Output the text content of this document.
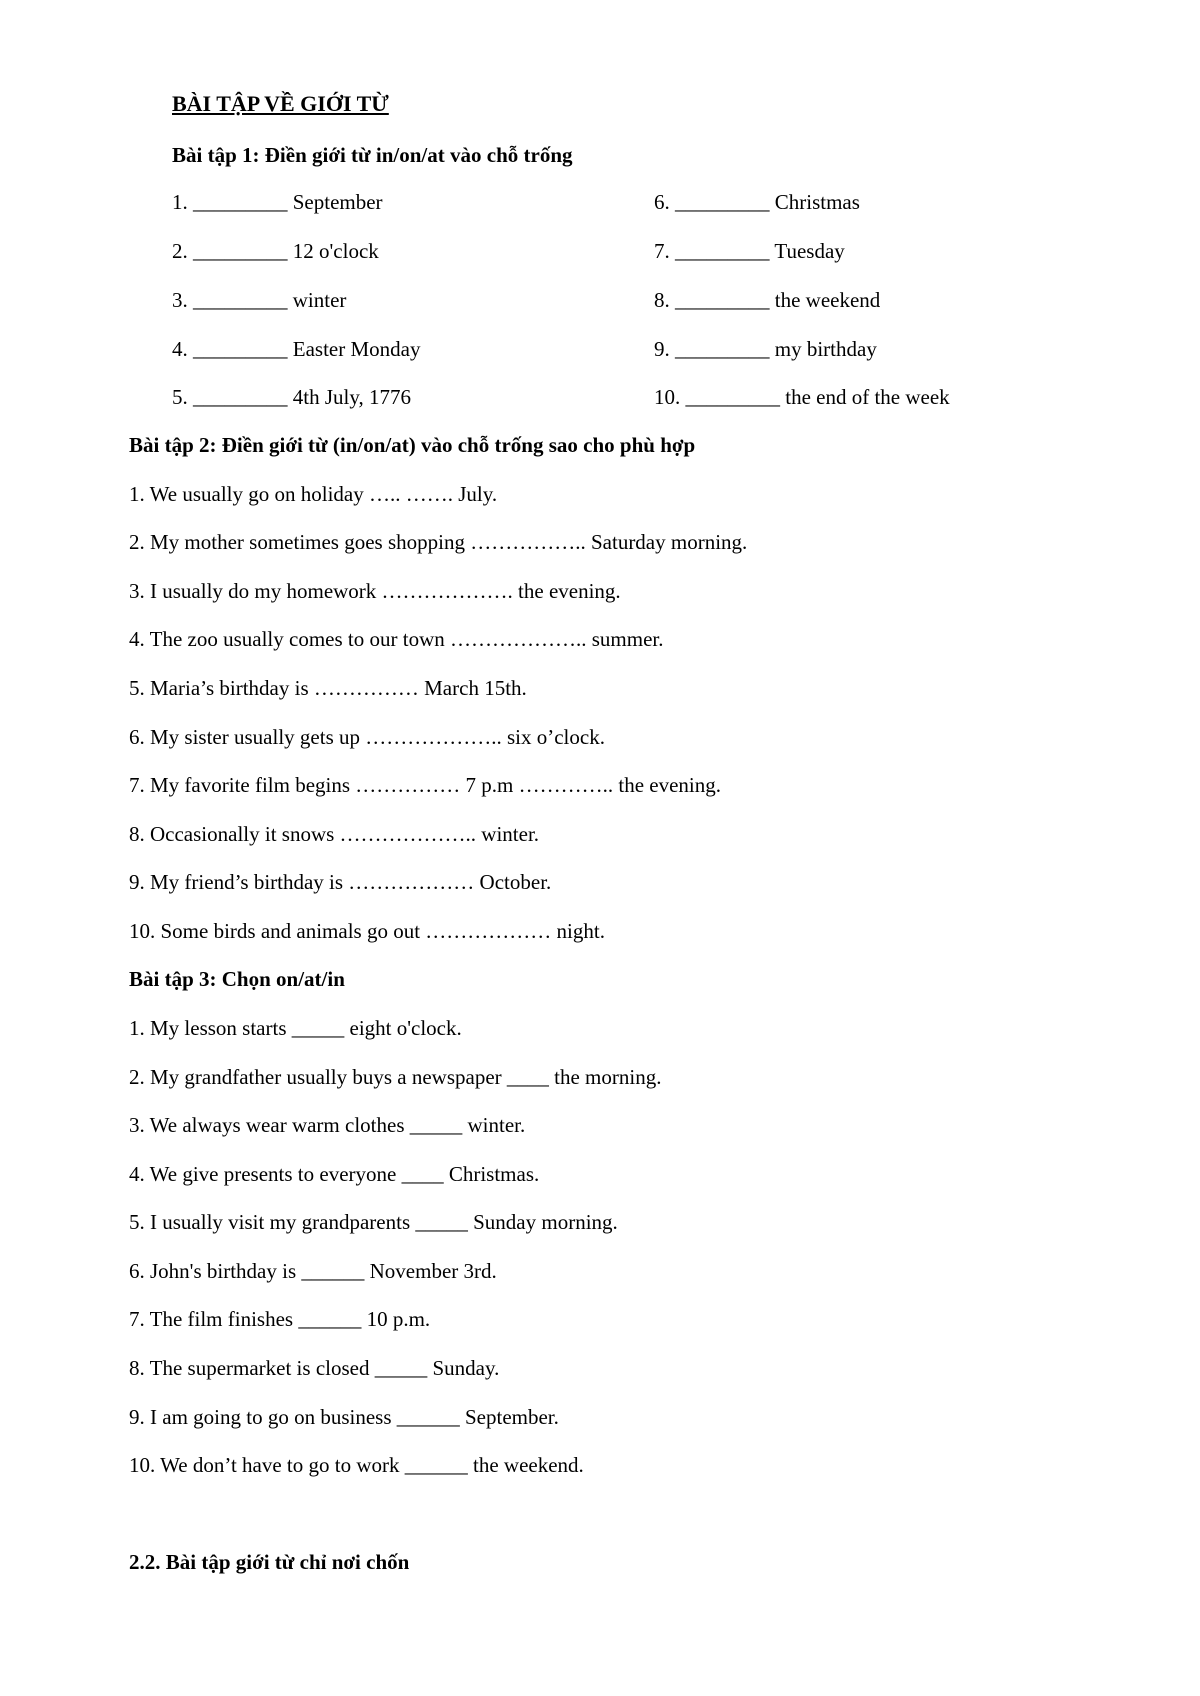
BÀI TẬP VỀ GIỚI TỪ
Bài tập 1: Điền giới từ in/on/at vào chỗ trống
1. _________ September
2. _________ 12 o'clock
3. _________ winter
4. _________ Easter Monday
5. _________ 4th July, 1776
6. _________ Christmas
7. _________ Tuesday
8. _________ the weekend
9. _________ my birthday
10. _________ the end of the week
Bài tập 2: Điền giới từ (in/on/at) vào chỗ trống sao cho phù hợp
1. We usually go on holiday ….. ……. July.
2. My mother sometimes goes shopping …………….. Saturday morning.
3. I usually do my homework ………………. the evening.
4. The zoo usually comes to our town ……………….. summer.
5. Maria’s birthday is …………… March 15th.
6. My sister usually gets up ……………….. six o’clock.
7. My favorite film begins …………… 7 p.m ………….. the evening.
8. Occasionally it snows ……………….. winter.
9. My friend’s birthday is ……………… October.
10. Some birds and animals go out ……………… night.
Bài tập 3: Chọn on/at/in
1. My lesson starts _____ eight o'clock.
2. My grandfather usually buys a newspaper ____ the morning.
3. We always wear warm clothes _____ winter.
4. We give presents to everyone ____ Christmas.
5. I usually visit my grandparents _____ Sunday morning.
6. John's birthday is ______ November 3rd.
7. The film finishes ______ 10 p.m.
8. The supermarket is closed _____ Sunday.
9. I am going to go on business ______ September.
10. We don’t have to go to work ______ the weekend.
2.2. Bài tập giới từ chỉ nơi chốn
